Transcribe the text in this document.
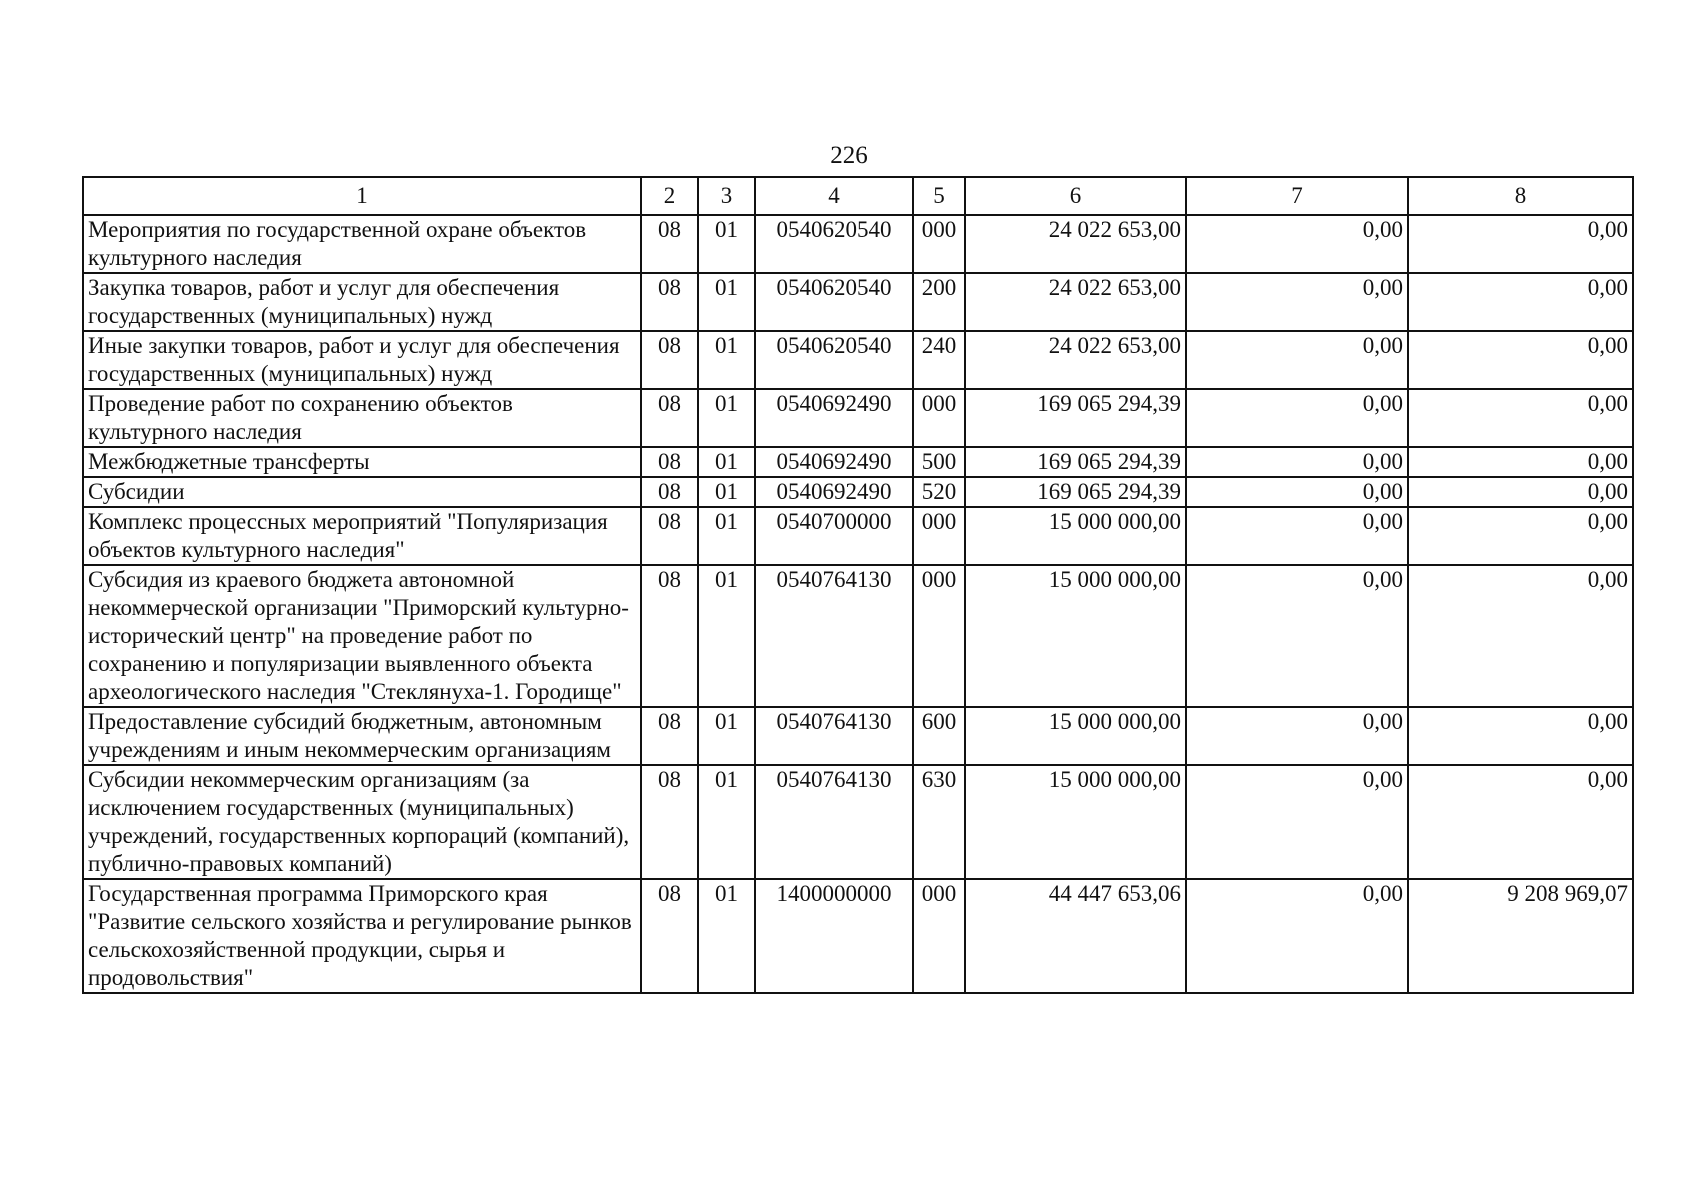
226
1	2	3	4	5	6	7	8
Мероприятия по государственной охране объектов культурного наследия	08	01	0540620540	000	24 022 653,00	0,00	0,00
Закупка товаров, работ и услуг для обеспечения государственных (муниципальных) нужд	08	01	0540620540	200	24 022 653,00	0,00	0,00
Иные закупки товаров, работ и услуг для обеспечения государственных (муниципальных) нужд	08	01	0540620540	240	24 022 653,00	0,00	0,00
Проведение работ по сохранению объектов культурного наследия	08	01	0540692490	000	169 065 294,39	0,00	0,00
Межбюджетные трансферты	08	01	0540692490	500	169 065 294,39	0,00	0,00
Субсидии	08	01	0540692490	520	169 065 294,39	0,00	0,00
Комплекс процессных мероприятий "Популяризация объектов культурного наследия"	08	01	0540700000	000	15 000 000,00	0,00	0,00
Субсидия из краевого бюджета автономной некоммерческой организации "Приморский культурно-исторический центр" на проведение работ по сохранению и популяризации выявленного объекта археологического наследия "Стеклянуха-1. Городище"	08	01	0540764130	000	15 000 000,00	0,00	0,00
Предоставление субсидий бюджетным, автономным учреждениям и иным некоммерческим организациям	08	01	0540764130	600	15 000 000,00	0,00	0,00
Субсидии некоммерческим организациям (за исключением государственных (муниципальных) учреждений, государственных корпораций (компаний), публично-правовых компаний)	08	01	0540764130	630	15 000 000,00	0,00	0,00
Государственная программа Приморского края "Развитие сельского хозяйства и регулирование рынков сельскохозяйственной продукции, сырья и продовольствия"	08	01	1400000000	000	44 447 653,06	0,00	9 208 969,07
